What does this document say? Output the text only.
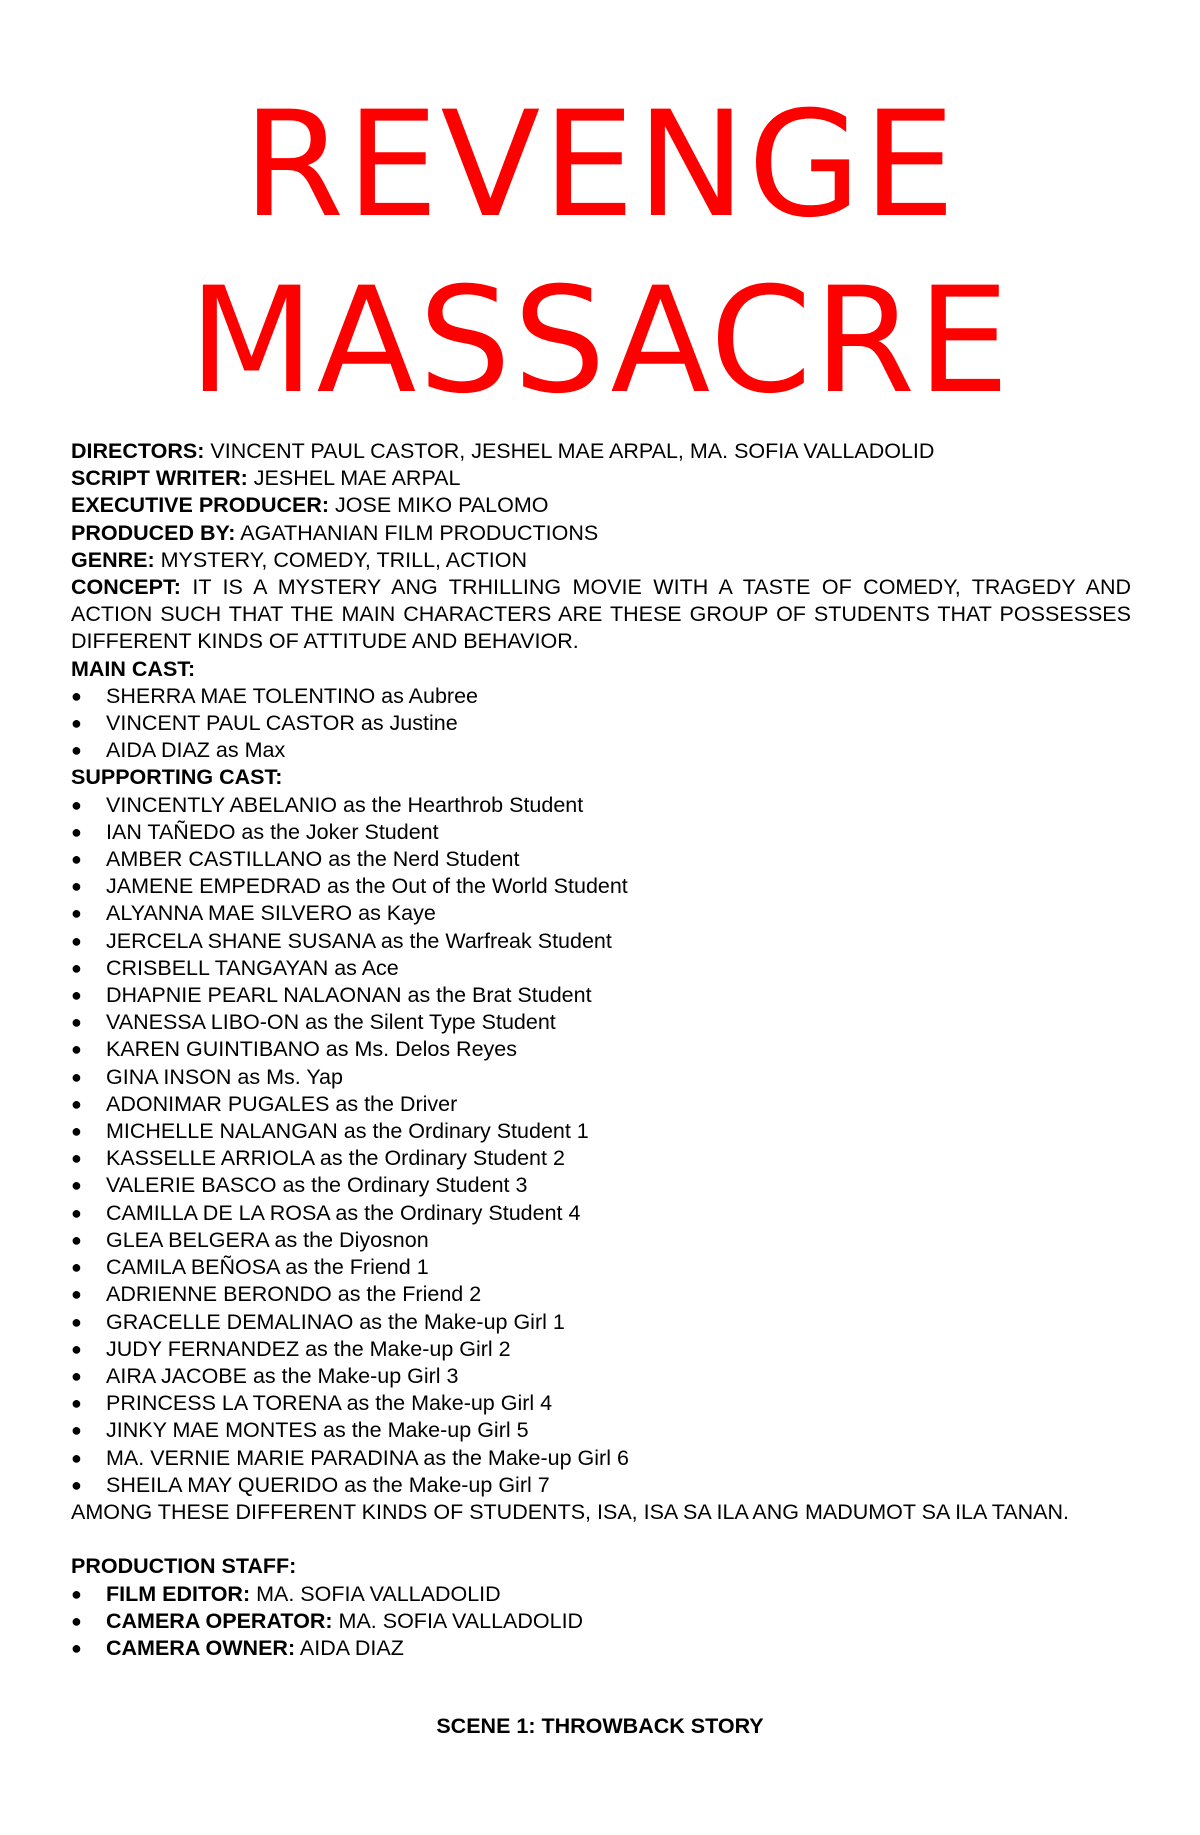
REVENGE
MASSACRE

DIRECTORS: VINCENT PAUL CASTOR, JESHEL MAE ARPAL, MA. SOFIA VALLADOLID

SCRIPT WRITER: JESHEL MAE ARPAL

EXECUTIVE PRODUCER: JOSE MIKO PALOMO

PRODUCED BY: AGATHANIAN FILM PRODUCTIONS

GENRE: MYSTERY, COMEDY, TRILL, ACTION

CONCEPT: IT IS A MYSTERY ANG TRHILLING MOVIE WITH A TASTE OF COMEDY, TRAGEDY AND ACTION SUCH THAT THE MAIN CHARACTERS ARE THESE GROUP OF STUDENTS THAT POSSESSES DIFFERENT KINDS OF ATTITUDE AND BEHAVIOR.

MAIN CAST:

●	SHERRA MAE TOLENTINO as Aubree
●	VINCENT PAUL CASTOR as Justine
●	AIDA DIAZ as Max

SUPPORTING CAST:

●	VINCENTLY ABELANIO as the Hearthrob Student
●	IAN TAÑEDO as the Joker Student
●	AMBER CASTILLANO as the Nerd Student
●	JAMENE EMPEDRAD as the Out of the World Student
●	ALYANNA MAE SILVERO as Kaye
●	JERCELA SHANE SUSANA as the Warfreak Student
●	CRISBELL TANGAYAN as Ace
●	DHAPNIE PEARL NALAONAN as the Brat Student
●	VANESSA LIBO-ON as the Silent Type Student
●	KAREN GUINTIBANO as Ms. Delos Reyes
●	GINA INSON as Ms. Yap
●	ADONIMAR PUGALES as the Driver
●	MICHELLE NALANGAN as the Ordinary Student 1
●	KASSELLE ARRIOLA as the Ordinary Student 2
●	VALERIE BASCO as the Ordinary Student 3
●	CAMILLA DE LA ROSA as the Ordinary Student 4
●	GLEA BELGERA as the Diyosnon
●	CAMILA BEÑOSA as the Friend 1
●	ADRIENNE BERONDO as the Friend 2
●	GRACELLE DEMALINAO as the Make-up Girl 1
●	JUDY FERNANDEZ as the Make-up Girl 2
●	AIRA JACOBE as the Make-up Girl 3
●	PRINCESS LA TORENA as the Make-up Girl 4
●	JINKY MAE MONTES as the Make-up Girl 5
●	MA. VERNIE MARIE PARADINA as the Make-up Girl 6
●	SHEILA MAY QUERIDO as the Make-up Girl 7

AMONG THESE DIFFERENT KINDS OF STUDENTS, ISA, ISA SA ILA ANG MADUMOT SA ILA TANAN.

PRODUCTION STAFF:

●	FILM EDITOR: MA. SOFIA VALLADOLID
●	CAMERA OPERATOR: MA. SOFIA VALLADOLID
●	CAMERA OWNER: AIDA DIAZ
SCENE 1: THROWBACK STORY
